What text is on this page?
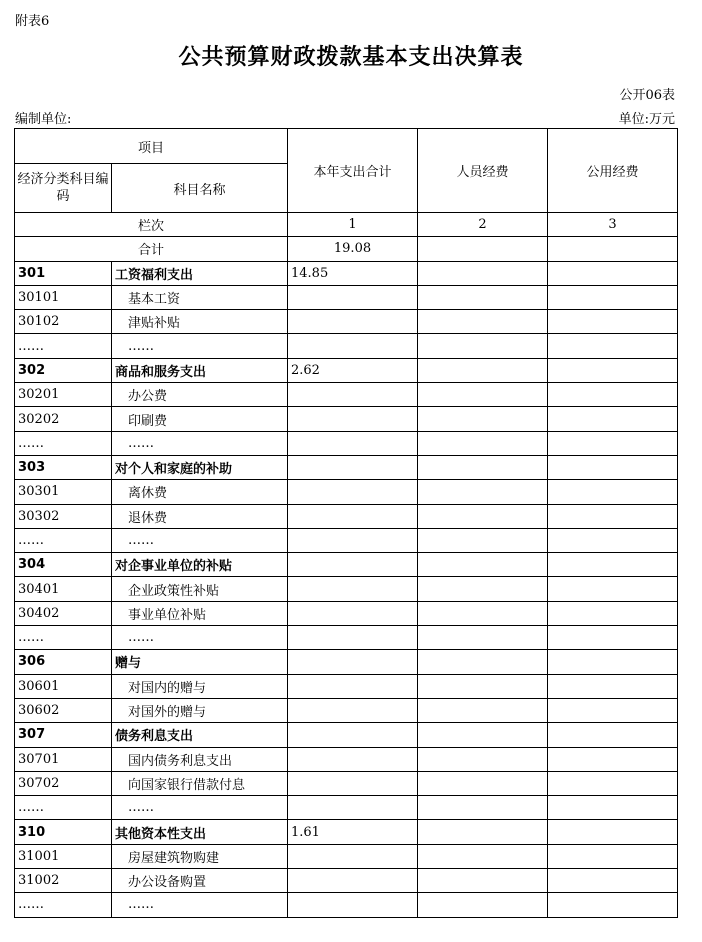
附表6
公共预算财政拨款基本支出决算表
公开06表
编制单位:	单位:万元
项目		本年支出合计	人员经费	公用经费
经济分类科目编码	科目名称			
栏次		1	2	3
合计		19.08		
301	工资福利支出	14.85		
30101	基本工资			
30102	津贴补贴			
……	……			
302	商品和服务支出	2.62		
30201	办公费			
30202	印刷费			
……	……			
303	对个人和家庭的补助			
30301	离休费			
30302	退休费			
……	……			
304	对企事业单位的补贴			
30401	企业政策性补贴			
30402	事业单位补贴			
……	……			
306	赠与			
30601	对国内的赠与			
30602	对国外的赠与			
307	债务利息支出			
30701	国内债务利息支出			
30702	向国家银行借款付息			
……	……			
310	其他资本性支出	1.61		
31001	房屋建筑物购建			
31002	办公设备购置			
……	……			
